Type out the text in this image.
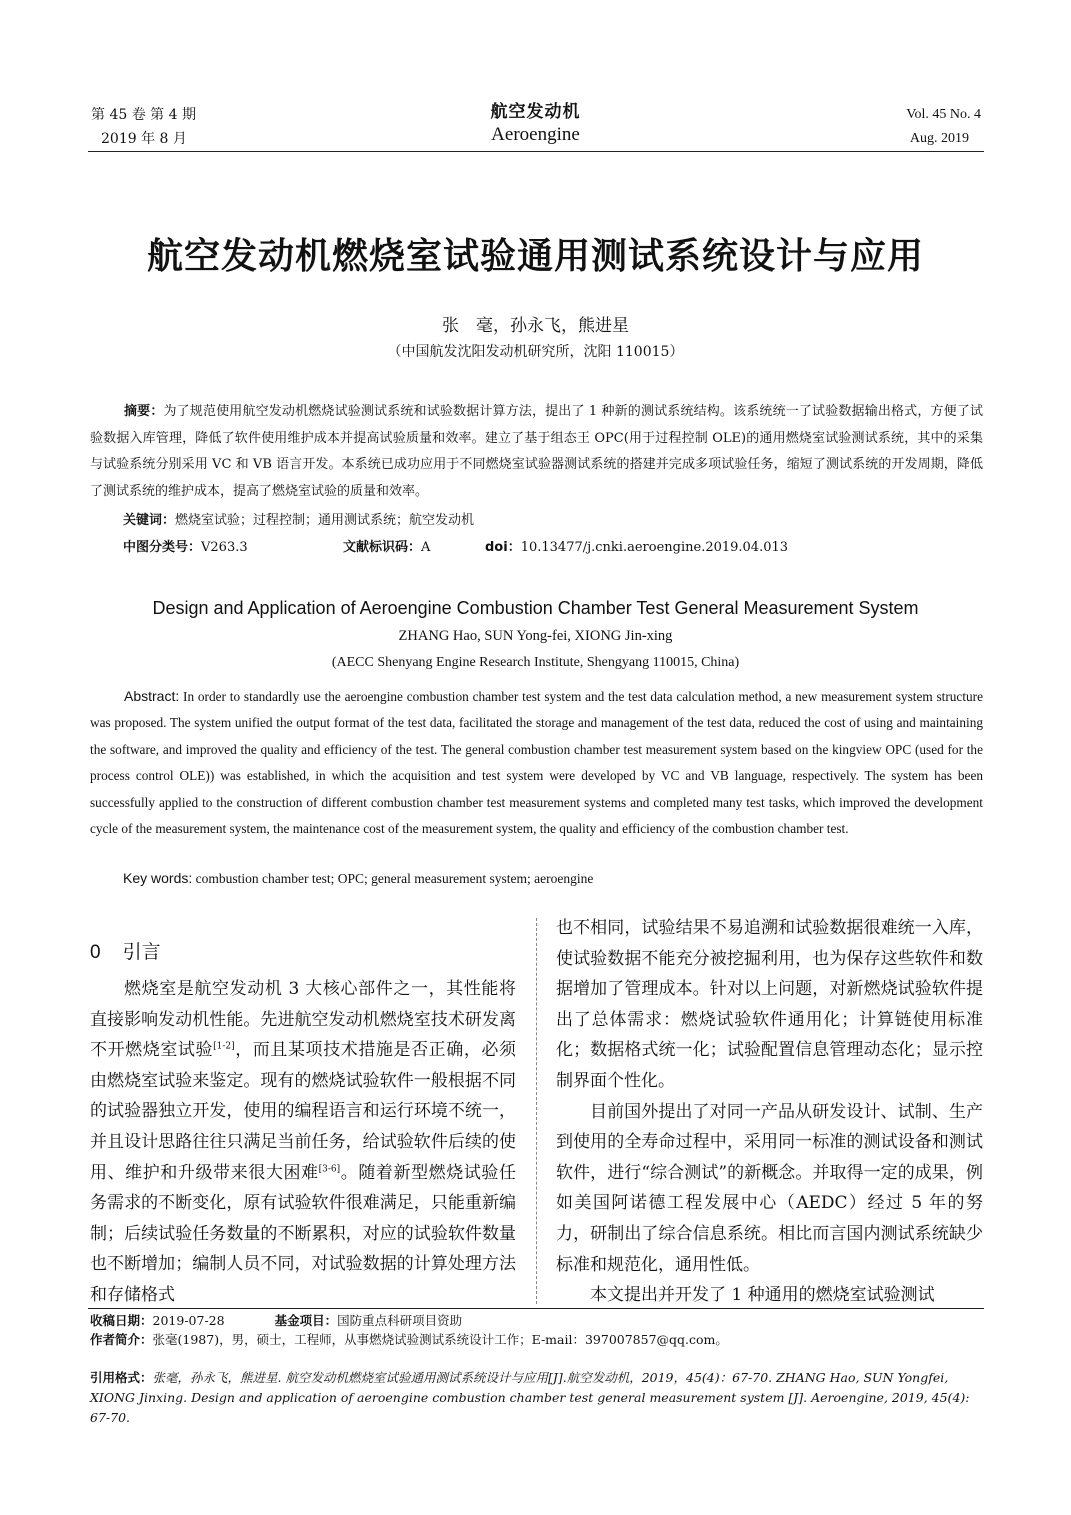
第 45 卷 第 4 期
2019 年 8 月
航空发动机
Aeroengine
Vol. 45 No. 4
Aug. 2019
航空发动机燃烧室试验通用测试系统设计与应用
张　毫，孙永飞，熊进星
（中国航发沈阳发动机研究所，沈阳 110015）
摘要：为了规范使用航空发动机燃烧试验测试系统和试验数据计算方法，提出了 1 种新的测试系统结构。该系统统一了试验数据输出格式，方便了试验数据入库管理，降低了软件使用维护成本并提高试验质量和效率。建立了基于组态王 OPC(用于过程控制 OLE)的通用燃烧室试验测试系统，其中的采集与试验系统分别采用 VC 和 VB 语言开发。本系统已成功应用于不同燃烧室试验器测试系统的搭建并完成多项试验任务，缩短了测试系统的开发周期，降低了测试系统的维护成本，提高了燃烧室试验的质量和效率。
关键词：燃烧室试验；过程控制；通用测试系统；航空发动机
中图分类号：V263.3	文献标识码：A	doi：10.13477/j.cnki.aeroengine.2019.04.013
Design and Application of Aeroengine Combustion Chamber Test General Measurement System
ZHANG Hao, SUN Yong-fei, XIONG Jin-xing
(AECC Shenyang Engine Research Institute, Shengyang 110015, China)
Abstract: In order to standardly use the aeroengine combustion chamber test system and the test data calculation method, a new measurement system structure was proposed. The system unified the output format of the test data, facilitated the storage and management of the test data, reduced the cost of using and maintaining the software, and improved the quality and efficiency of the test. The general combustion chamber test measurement system based on the kingview OPC (used for the process control OLE)) was established, in which the acquisition and test system were developed by VC and VB language, respectively. The system has been successfully applied to the construction of different combustion chamber test measurement systems and completed many test tasks, which improved the development cycle of the measurement system, the maintenance cost of the measurement system, the quality and efficiency of the combustion chamber test.
Key words: combustion chamber test; OPC; general measurement system; aeroengine
0 引言

燃烧室是航空发动机 3 大核心部件之一，其性能将直接影响发动机性能。先进航空发动机燃烧室技术研发离不开燃烧室试验[1-2]，而且某项技术措施是否正确，必须由燃烧室试验来鉴定。现有的燃烧试验软件一般根据不同的试验器独立开发，使用的编程语言和运行环境不统一，并且设计思路往往只满足当前任务，给试验软件后续的使用、维护和升级带来很大困难[3-6]。随着新型燃烧试验任务需求的不断变化，原有试验软件很难满足，只能重新编制；后续试验任务数量的不断累积，对应的试验软件数量也不断增加；编制人员不同，对试验数据的计算处理方法和存储格式

也不相同，试验结果不易追溯和试验数据很难统一入库，使试验数据不能充分被挖掘利用，也为保存这些软件和数据增加了管理成本。针对以上问题，对新燃烧试验软件提出了总体需求：燃烧试验软件通用化；计算链使用标准化；数据格式统一化；试验配置信息管理动态化；显示控制界面个性化。

目前国外提出了对同一产品从研发设计、试制、生产到使用的全寿命过程中，采用同一标准的测试设备和测试软件，进行“综合测试”的新概念。并取得一定的成果，例如美国阿诺德工程发展中心（AEDC）经过 5 年的努力，研制出了综合信息系统。相比而言国内测试系统缺少标准和规范化，通用性低。

本文提出并开发了 1 种通用的燃烧室试验测试

收稿日期：2019-07-28	基金项目：国防重点科研项目资助
作者简介：张毫(1987)，男，硕士，工程师，从事燃烧试验测试系统设计工作；E-mail：397007857@qq.com。
引用格式：张毫，孙永飞，熊进星. 航空发动机燃烧室试验通用测试系统设计与应用[J].航空发动机，2019，45(4)：67-70. ZHANG Hao, SUN Yongfei, XIONG Jinxing. Design and application of aeroengine combustion chamber test general measurement system [J]. Aeroengine, 2019, 45(4): 67-70.
